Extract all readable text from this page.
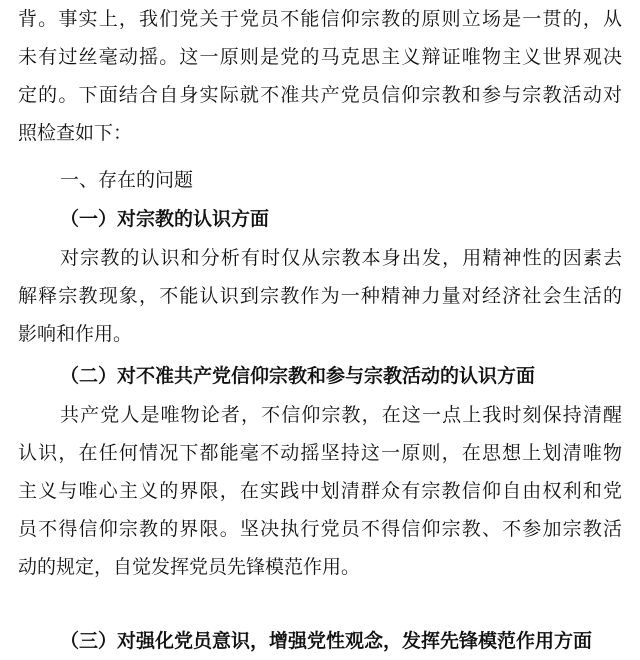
背。事实上，我们党关于党员不能信仰宗教的原则立场是一贯的，从
未有过丝毫动摇。这一原则是党的马克思主义辩证唯物主义世界观决
定的。下面结合自身实际就不准共产党员信仰宗教和参与宗教活动对
照检查如下：
一、存在的问题
（一）对宗教的认识方面
对宗教的认识和分析有时仅从宗教本身出发，用精神性的因素去
解释宗教现象，不能认识到宗教作为一种精神力量对经济社会生活的
影响和作用。
（二）对不准共产党信仰宗教和参与宗教活动的认识方面
共产党人是唯物论者，不信仰宗教，在这一点上我时刻保持清醒
认识，在任何情况下都能毫不动摇坚持这一原则，在思想上划清唯物
主义与唯心主义的界限，在实践中划清群众有宗教信仰自由权利和党
员不得信仰宗教的界限。坚决执行党员不得信仰宗教、不参加宗教活
动的规定，自觉发挥党员先锋模范作用。
（三）对强化党员意识，增强党性观念，发挥先锋模范作用方面
